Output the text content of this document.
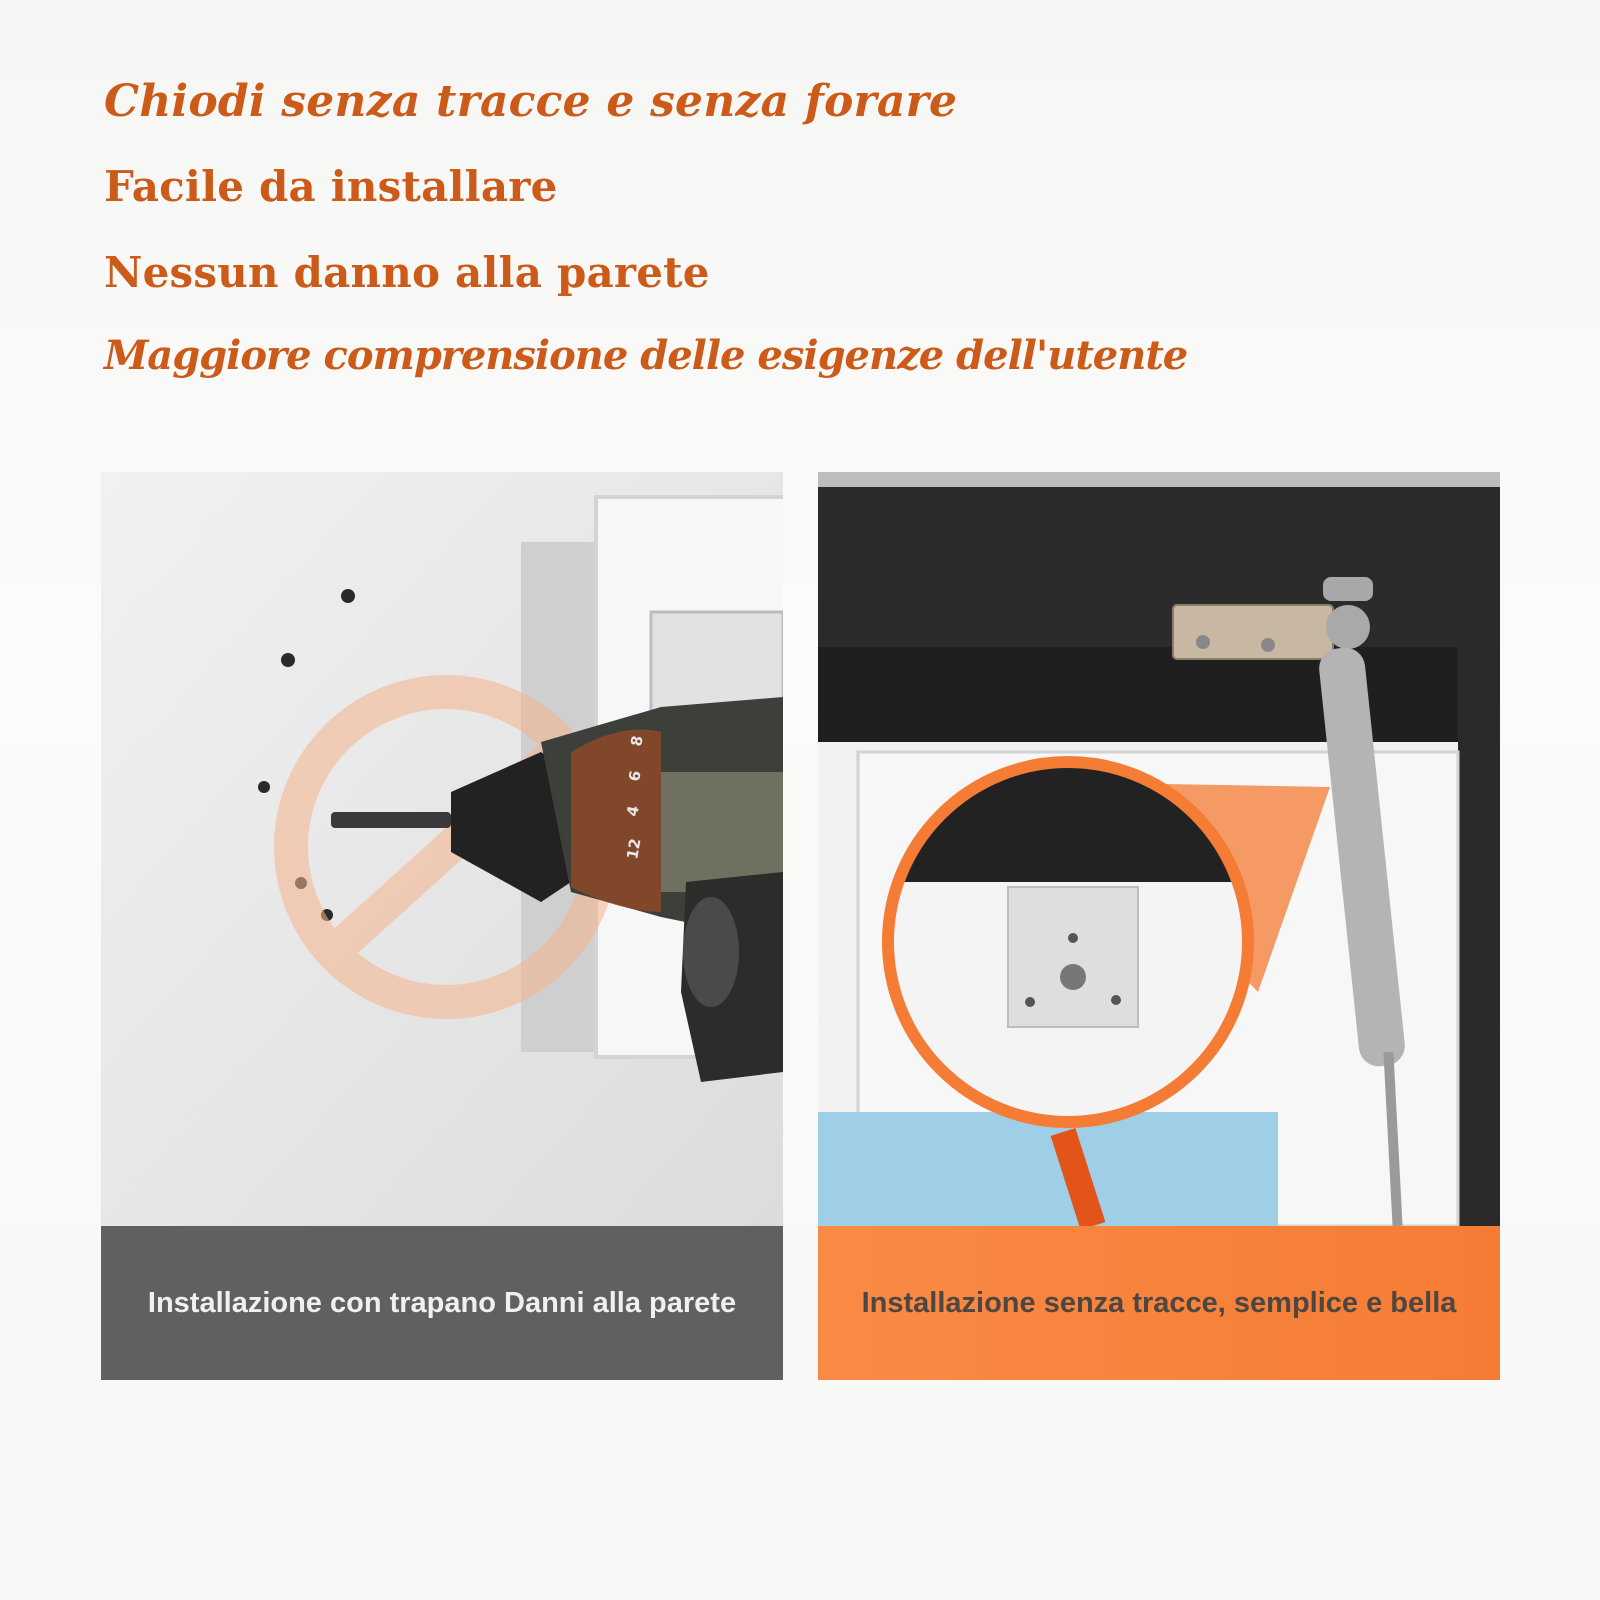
Chiodi senza tracce e senza forare
Facile da installare
Nessun danno alla parete
Maggiore comprensione delle esigenze dell'utente
12
4
6
8
Installazione con trapano Danni alla parete	Installazione senza tracce, semplice e bella
